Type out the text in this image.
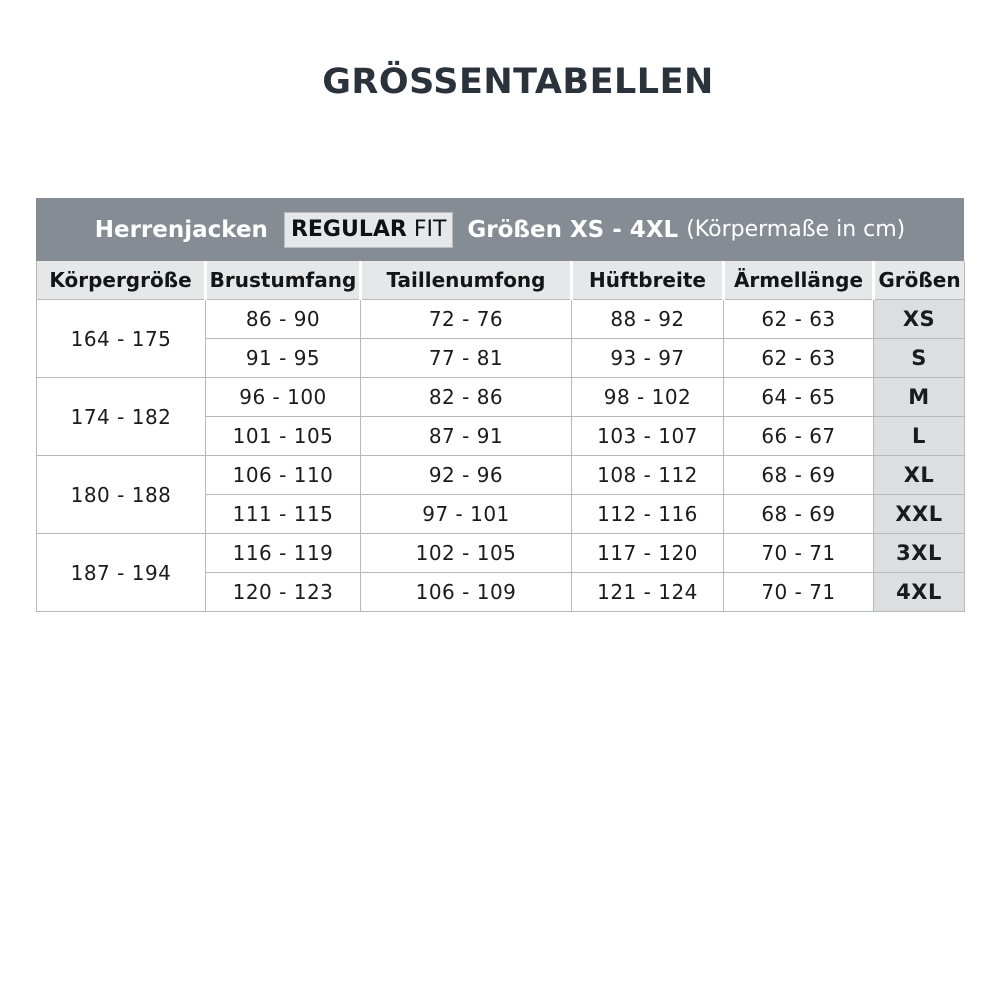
GRÖSSENTABELLEN
Herrenjacken	REGULAR FIT Größen XS - 4XL (Körpermaße in cm)
Körpergröße	Brustumfang	Taillenumfong	Hüftbreite	Ärmellänge	Größen
164 - 175	86 - 90	72 - 76	88 - 92	62 - 63	XS
	91 - 95	77 - 81	93 - 97	62 - 63	S
174 - 182	96 - 100	82 - 86	98 - 102	64 - 65	M
	101 - 105	87 - 91	103 - 107	66 - 67	L
180 - 188	106 - 110	92 - 96	108 - 112	68 - 69	XL
	111 - 115	97 - 101	112 - 116	68 - 69	XXL
187 - 194	116 - 119	102 - 105	117 - 120	70 - 71	3XL
	120 - 123	106 - 109	121 - 124	70 - 71	4XL
